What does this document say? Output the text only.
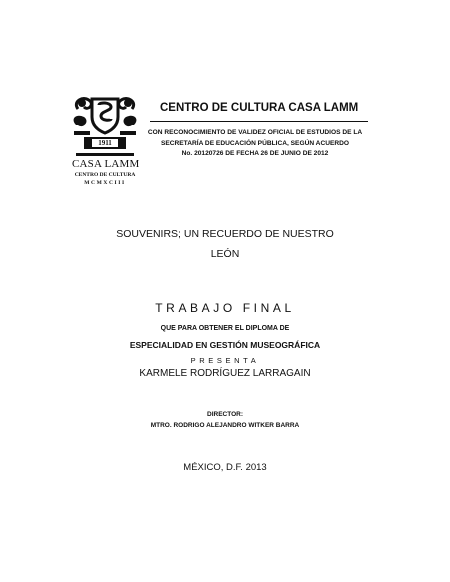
1911
CASA LAMM
CENTRO DE CULTURA
MCMXCIII
CENTRO DE CULTURA CASA LAMM
CON RECONOCIMIENTO DE VALIDEZ OFICIAL DE ESTUDIOS DE LA
SECRETARÍA DE EDUCACIÓN PÚBLICA, SEGÚN ACUERDO
No. 20120726 DE FECHA 26 DE JUNIO DE 2012
SOUVENIRS; UN RECUERDO DE NUESTRO
LEÓN
TRABAJO FINAL
QUE PARA OBTENER EL DIPLOMA DE
ESPECIALIDAD EN GESTIÓN MUSEOGRÁFICA
PRESENTA
KARMELE RODRÍGUEZ LARRAGAIN
DIRECTOR:
MTRO. RODRIGO ALEJANDRO WITKER BARRA
MÉXICO, D.F. 2013
